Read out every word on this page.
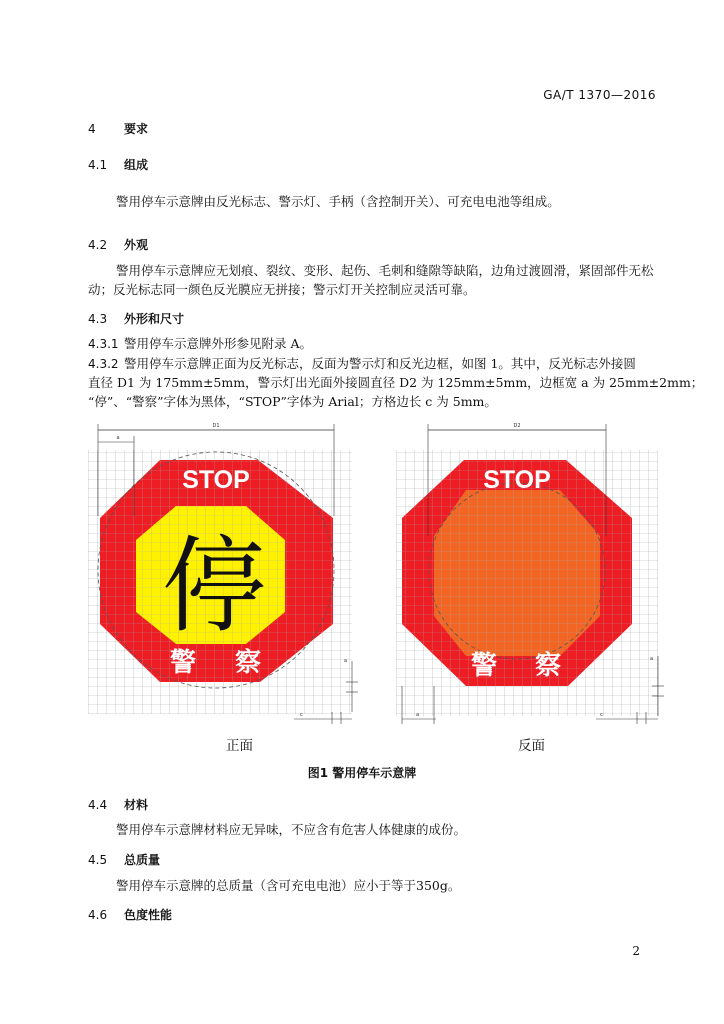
GA/T 1370—2016
4 要求
4.1 组成
警用停车示意牌由反光标志、警示灯、手柄（含控制开关）、可充电电池等组成。
4.2 外观
警用停车示意牌应无划痕、裂纹、变形、起伤、毛刺和缝隙等缺陷，边角过渡圆滑，紧固部件无松
动；反光标志同一颜色反光膜应无拼接；警示灯开关控制应灵活可靠。
4.3 外形和尺寸
4.3.1 警用停车示意牌外形参见附录 A。
4.3.2 警用停车示意牌正面为反光标志，反面为警示灯和反光边框，如图 1。其中，反光标志外接圆
直径 D1 为 175mm±5mm，警示灯出光面外接圆直径 D2 为 125mm±5mm，边框宽 a 为 25mm±2mm；
“停”、“警察”字体为黑体，“STOP”字体为 Arial；方格边长 c 为 5mm。
STOP
停
警 察
D1
a
a
c
STOP
警 察
D2
a
a	c
正面	反面
图1 警用停车示意牌
4.4 材料
警用停车示意牌材料应无异味，不应含有危害人体健康的成份。
4.5 总质量
警用停车示意牌的总质量（含可充电电池）应小于等于350g。
4.6 色度性能
2
